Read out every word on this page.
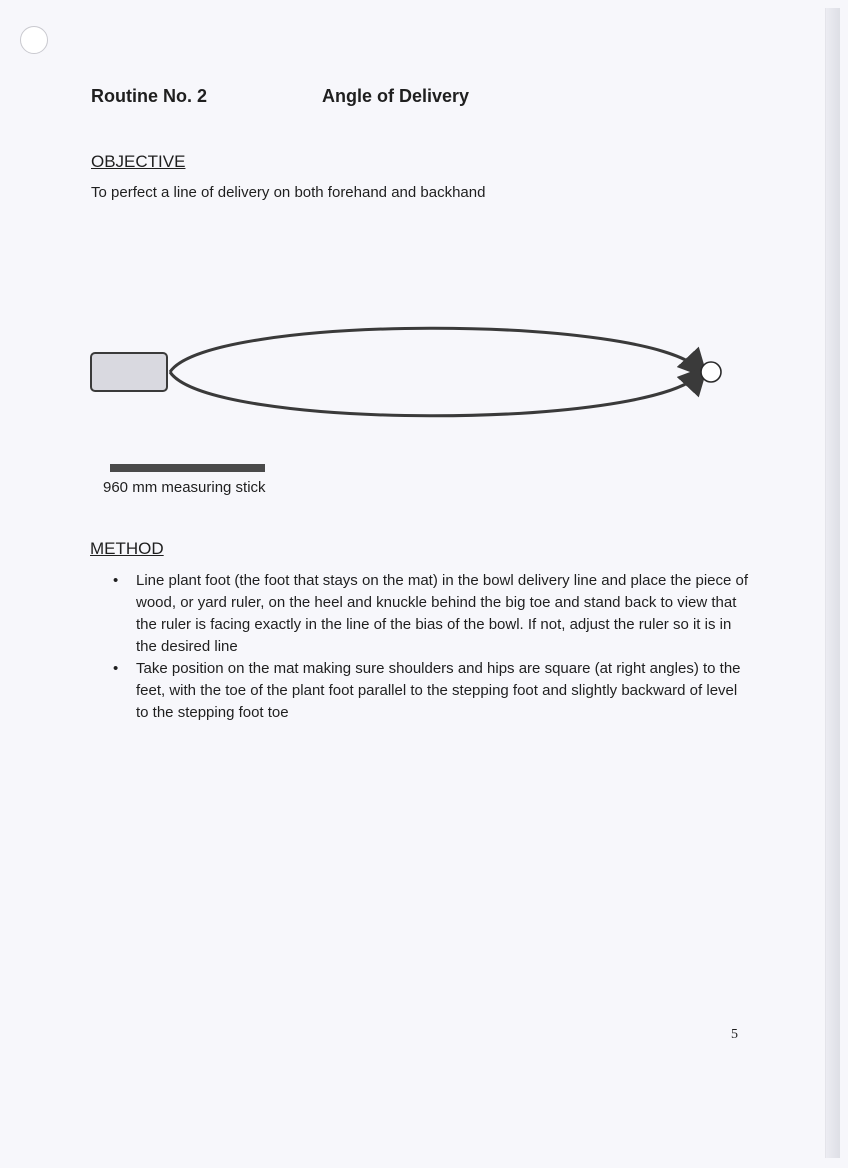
Routine No. 2	Angle of Delivery
OBJECTIVE
To perfect a line of delivery on both forehand and backhand
960 mm measuring stick
METHOD
• Line plant foot (the foot that stays on the mat) in the bowl delivery line and place the piece of wood, or yard ruler, on the heel and knuckle behind the big toe and stand back to view that the ruler is facing exactly in the line of the bias of the bowl. If not, adjust the ruler so it is in the desired line
• Take position on the mat making sure shoulders and hips are square (at right angles) to the feet, with the toe of the plant foot parallel to the stepping foot and slightly backward of level to the stepping foot toe
5
